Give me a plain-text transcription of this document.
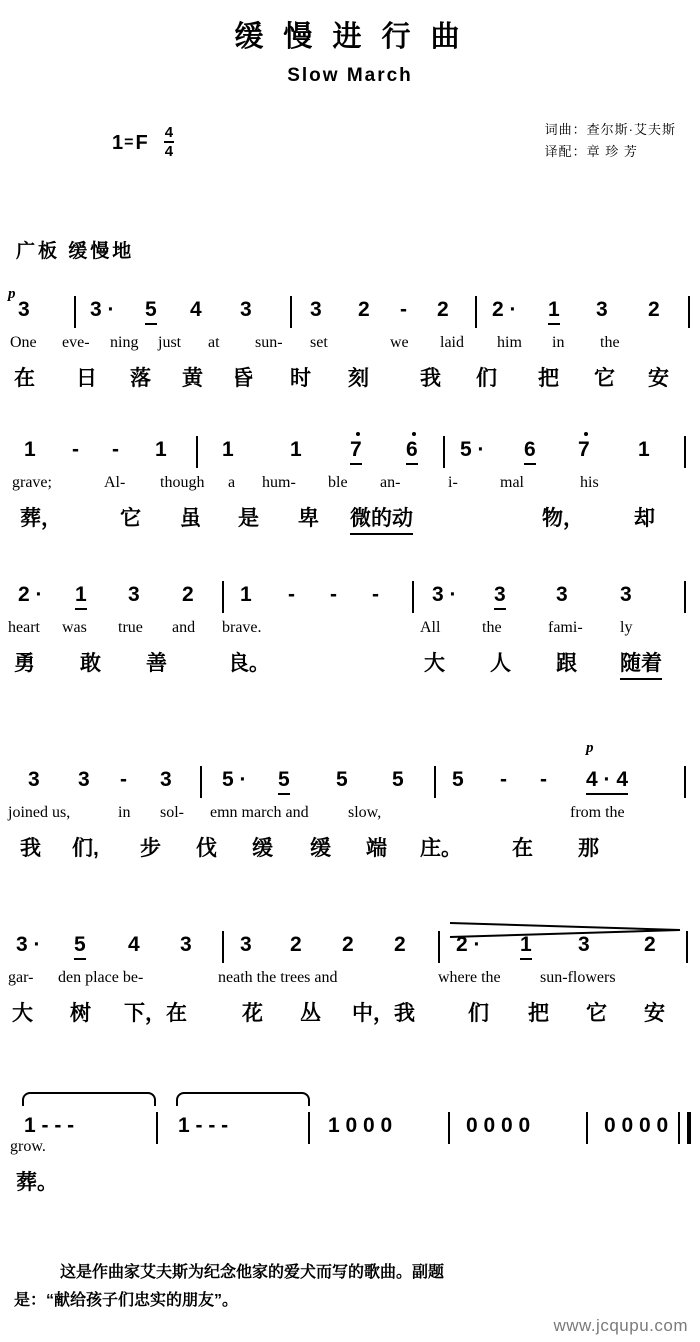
缓 慢 进 行 曲
Slow March
词曲：查尔斯·艾夫斯
译配：章 珍 芳
1 = F $\frac{4}{4}$
广板 缓慢地
p
3	3 · 5 4 3	3 2 - 2 2 · 1 3 2
One eve- ning just at sun- set	we laid him in the
在 日 落 黄 昏 时 刻 我 们 把 它 安
1 - - 1	1	1 7 6 5 · 6 7 1
grave;	Al- though a hum- ble an-	i-	mal	his
葬，	它 虽 是 卑 微的动	物， 却
2 · 1 3 2 1 - - -	3 · 3 3 3
heart was true and brave.	All	the	fami- ly
勇 敢 善	良。	大 人 跟 随着
p
3 3 - 3 5 · 5 5 5 5 - - 4 · 4
joined us,	in sol- emn march and slow,	from the
我 们, 步 伐 缓 缓 端 庄。 在 那
3 · 5 4 3 3 2 2 2 2 · 1 3	2
gar- den place be-	neath the trees and	where the sun-flowers
大 树 下，在	花 丛 中，我	们 把 它 安
1 - - -	1 - - -	1 0 0 0	0 0 0 0	0 0 0 0
grow.
葬。
这是作曲家艾夫斯为纪念他家的爱犬而写的歌曲。副题
是：“献给孩子们忠实的朋友”。
www.jcqupu.com
